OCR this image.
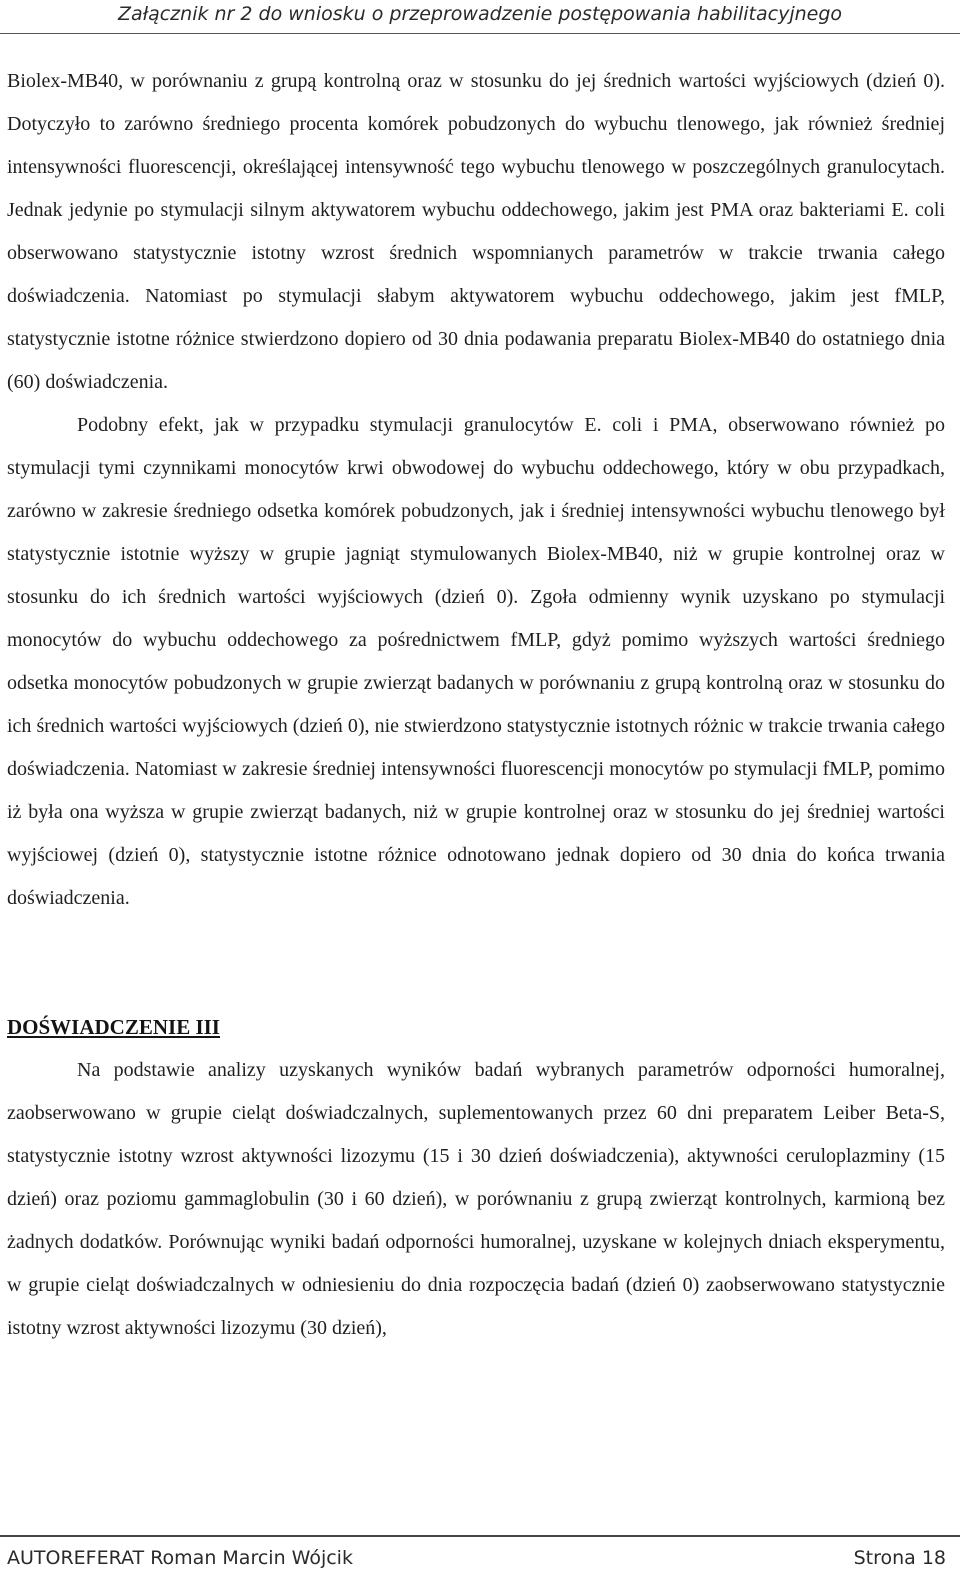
Załącznik nr 2 do wniosku o przeprowadzenie postępowania habilitacyjnego

Biolex-MB40, w porównaniu z grupą kontrolną oraz w stosunku do jej średnich wartości wyjściowych (dzień 0). Dotyczyło to zarówno średniego procenta komórek pobudzonych do wybuchu tlenowego, jak również średniej intensywności fluorescencji, określającej intensywność tego wybuchu tlenowego w poszczególnych granulocytach. Jednak jedynie po stymulacji silnym aktywatorem wybuchu oddechowego, jakim jest PMA oraz bakteriami E. coli obserwowano statystycznie istotny wzrost średnich wspomnianych parametrów w trakcie trwania całego doświadczenia. Natomiast po stymulacji słabym aktywatorem wybuchu oddechowego, jakim jest fMLP, statystycznie istotne różnice stwierdzono dopiero od 30 dnia podawania preparatu Biolex-MB40 do ostatniego dnia (60) doświadczenia.

Podobny efekt, jak w przypadku stymulacji granulocytów E. coli i PMA, obserwowano również po stymulacji tymi czynnikami monocytów krwi obwodowej do wybuchu oddechowego, który w obu przypadkach, zarówno w zakresie średniego odsetka komórek pobudzonych, jak i średniej intensywności wybuchu tlenowego był statystycznie istotnie wyższy w grupie jagniąt stymulowanych Biolex-MB40, niż w grupie kontrolnej oraz w stosunku do ich średnich wartości wyjściowych (dzień 0). Zgoła odmienny wynik uzyskano po stymulacji monocytów do wybuchu oddechowego za pośrednictwem fMLP, gdyż pomimo wyższych wartości średniego odsetka monocytów pobudzonych w grupie zwierząt badanych w porównaniu z grupą kontrolną oraz w stosunku do ich średnich wartości wyjściowych (dzień 0), nie stwierdzono statystycznie istotnych różnic w trakcie trwania całego doświadczenia. Natomiast w zakresie średniej intensywności fluorescencji monocytów po stymulacji fMLP, pomimo iż była ona wyższa w grupie zwierząt badanych, niż w grupie kontrolnej oraz w stosunku do jej średniej wartości wyjściowej (dzień 0), statystycznie istotne różnice odnotowano jednak dopiero od 30 dnia do końca trwania doświadczenia.

DOŚWIADCZENIE III

Na podstawie analizy uzyskanych wyników badań wybranych parametrów odporności humoralnej, zaobserwowano w grupie cieląt doświadczalnych, suplementowanych przez 60 dni preparatem Leiber Beta-S, statystycznie istotny wzrost aktywności lizozymu (15 i 30 dzień doświadczenia), aktywności ceruloplazminy (15 dzień) oraz poziomu gammaglobulin (30 i 60 dzień), w porównaniu z grupą zwierząt kontrolnych, karmioną bez żadnych dodatków. Porównując wyniki badań odporności humoralnej, uzyskane w kolejnych dniach eksperymentu, w grupie cieląt doświadczalnych w odniesieniu do dnia rozpoczęcia badań (dzień 0) zaobserwowano statystycznie istotny wzrost aktywności lizozymu (30 dzień),

AUTOREFERAT Roman Marcin Wójcik	Strona 18
